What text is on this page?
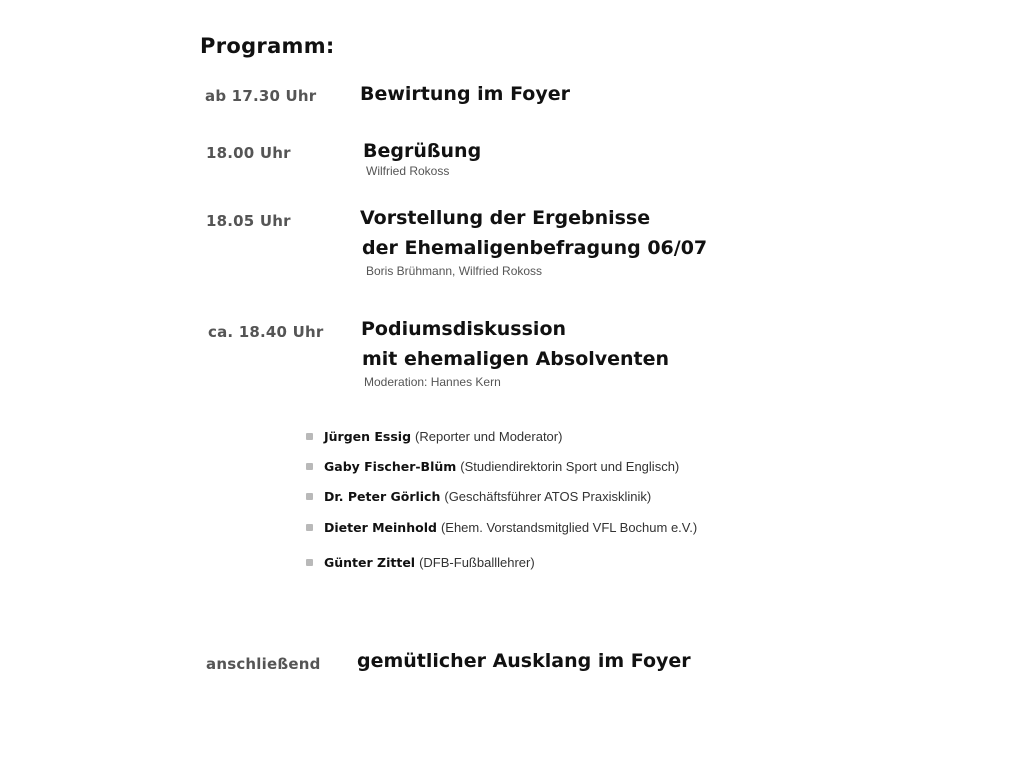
Programm:
ab 17.30 Uhr Bewirtung im Foyer
18.00 Uhr	Begrüßung
Wilfried Rokoss
18.05 Uhr	Vorstellung der Ergebnisse
der Ehemaligenbefragung 06/07
Boris Brühmann, Wilfried Rokoss
ca. 18.40 Uhr Podiumsdiskussion
mit ehemaligen Absolventen
Moderation: Hannes Kern
Jürgen Essig (Reporter und Moderator)
Gaby Fischer-Blüm (Studiendirektorin Sport und Englisch)
Dr. Peter Görlich (Geschäftsführer ATOS Praxisklinik)
Dieter Meinhold (Ehem. Vorstandsmitglied VFL Bochum e.V.)
Günter Zittel (DFB-Fußballlehrer)
anschließend gemütlicher Ausklang im Foyer
